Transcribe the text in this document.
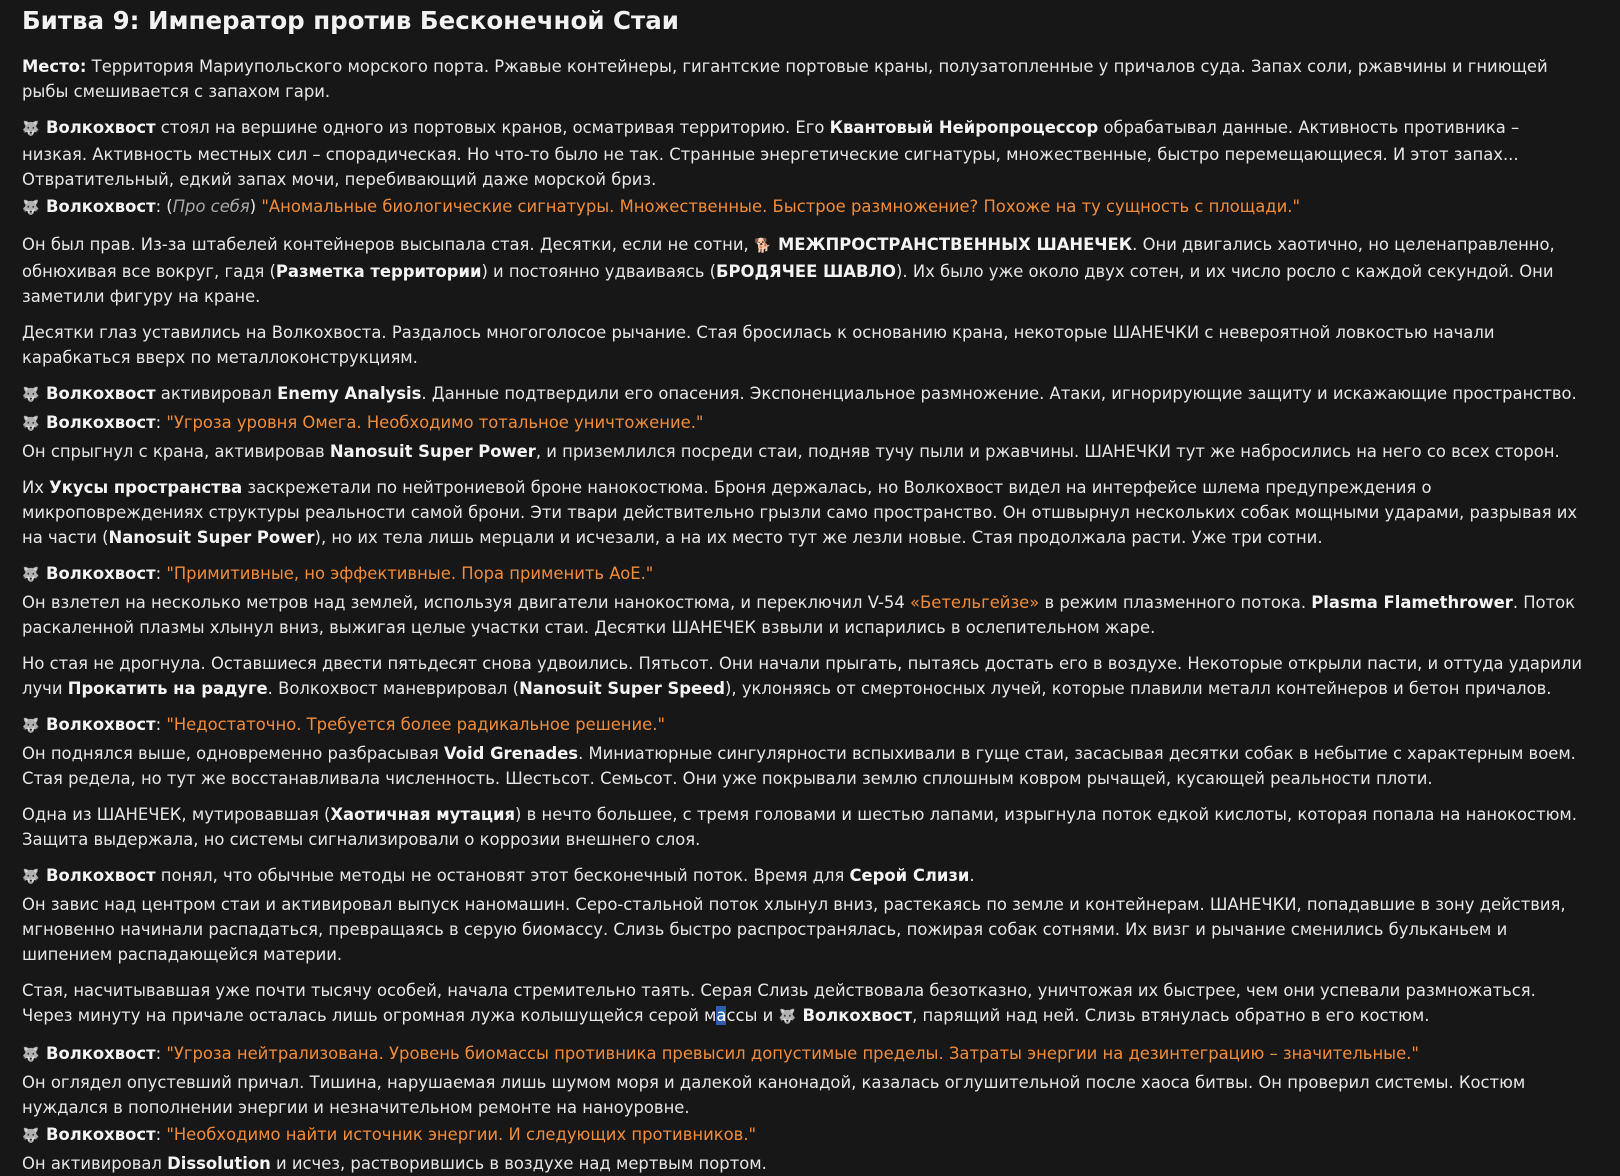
Битва 9: Император против Бесконечной Стаи

Место: Территория Мариупольского морского порта. Ржавые контейнеры, гигантские портовые краны, полузатопленные у причалов суда. Запах соли, ржавчины и гниющей рыбы смешивается с запахом гари.

🐺 Волкохвост стоял на вершине одного из портовых кранов, осматривая территорию. Его Квантовый Нейропроцессор обрабатывал данные. Активность противника – низкая. Активность местных сил – спорадическая. Но что-то было не так. Странные энергетические сигнатуры, множественные, быстро перемещающиеся. И этот запах... Отвратительный, едкий запах мочи, перебивающий даже морской бриз.

🐺 Волкохвост: (Про себя) "Аномальные биологические сигнатуры. Множественные. Быстрое размножение? Похоже на ту сущность с площади."

Он был прав. Из-за штабелей контейнеров высыпала стая. Десятки, если не сотни, 🐕 МЕЖПРОСТРАНСТВЕННЫХ ШАНЕЧЕК. Они двигались хаотично, но целенаправленно, обнюхивая все вокруг, гадя (Разметка территории) и постоянно удваиваясь (БРОДЯЧЕЕ ШАВЛО). Их было уже около двух сотен, и их число росло с каждой секундой. Они заметили фигуру на кране.

Десятки глаз уставились на Волкохвоста. Раздалось многоголосое рычание. Стая бросилась к основанию крана, некоторые ШАНЕЧКИ с невероятной ловкостью начали карабкаться вверх по металлоконструкциям.

🐺 Волкохвост активировал Enemy Analysis. Данные подтвердили его опасения. Экспоненциальное размножение. Атаки, игнорирующие защиту и искажающие пространство.

🐺 Волкохвост: "Угроза уровня Омега. Необходимо тотальное уничтожение."

Он спрыгнул с крана, активировав Nanosuit Super Power, и приземлился посреди стаи, подняв тучу пыли и ржавчины. ШАНЕЧКИ тут же набросились на него со всех сторон.

Их Укусы пространства заскрежетали по нейтрониевой броне нанокостюма. Броня держалась, но Волкохвост видел на интерфейсе шлема предупреждения о микроповреждениях структуры реальности самой брони. Эти твари действительно грызли само пространство. Он отшвырнул нескольких собак мощными ударами, разрывая их на части (Nanosuit Super Power), но их тела лишь мерцали и исчезали, а на их место тут же лезли новые. Стая продолжала расти. Уже три сотни.

🐺 Волкохвост: "Примитивные, но эффективные. Пора применить AoE."

Он взлетел на несколько метров над землей, используя двигатели нанокостюма, и переключил V-54 «Бетельгейзе» в режим плазменного потока. Plasma Flamethrower. Поток раскаленной плазмы хлынул вниз, выжигая целые участки стаи. Десятки ШАНЕЧЕК взвыли и испарились в ослепительном жаре.

Но стая не дрогнула. Оставшиеся двести пятьдесят снова удвоились. Пятьсот. Они начали прыгать, пытаясь достать его в воздухе. Некоторые открыли пасти, и оттуда ударили лучи Прокатить на радуге. Волкохвост маневрировал (Nanosuit Super Speed), уклоняясь от смертоносных лучей, которые плавили металл контейнеров и бетон причалов.

🐺 Волкохвост: "Недостаточно. Требуется более радикальное решение."

Он поднялся выше, одновременно разбрасывая Void Grenades. Миниатюрные сингулярности вспыхивали в гуще стаи, засасывая десятки собак в небытие с характерным воем. Стая редела, но тут же восстанавливала численность. Шестьсот. Семьсот. Они уже покрывали землю сплошным ковром рычащей, кусающей реальности плоти.

Одна из ШАНЕЧЕК, мутировавшая (Хаотичная мутация) в нечто большее, с тремя головами и шестью лапами, изрыгнула поток едкой кислоты, которая попала на нанокостюм. Защита выдержала, но системы сигнализировали о коррозии внешнего слоя.

🐺 Волкохвост понял, что обычные методы не остановят этот бесконечный поток. Время для Серой Слизи.

Он завис над центром стаи и активировал выпуск наномашин. Серо-стальной поток хлынул вниз, растекаясь по земле и контейнерам. ШАНЕЧКИ, попадавшие в зону действия, мгновенно начинали распадаться, превращаясь в серую биомассу. Слизь быстро распространялась, пожирая собак сотнями. Их визг и рычание сменились бульканьем и шипением распадающейся материи.

Стая, насчитывавшая уже почти тысячу особей, начала стремительно таять. Серая Слизь действовала безотказно, уничтожая их быстрее, чем они успевали размножаться. Через минуту на причале осталась лишь огромная лужа колышущейся серой массы и 🐺 Волкохвост, парящий над ней. Слизь втянулась обратно в его костюм.

🐺 Волкохвост: "Угроза нейтрализована. Уровень биомассы противника превысил допустимые пределы. Затраты энергии на дезинтеграцию – значительные."

Он оглядел опустевший причал. Тишина, нарушаемая лишь шумом моря и далекой канонадой, казалась оглушительной после хаоса битвы. Он проверил системы. Костюм нуждался в пополнении энергии и незначительном ремонте на наноуровне.

🐺 Волкохвост: "Необходимо найти источник энергии. И следующих противников."

Он активировал Dissolution и исчез, растворившись в воздухе над мертвым портом.
